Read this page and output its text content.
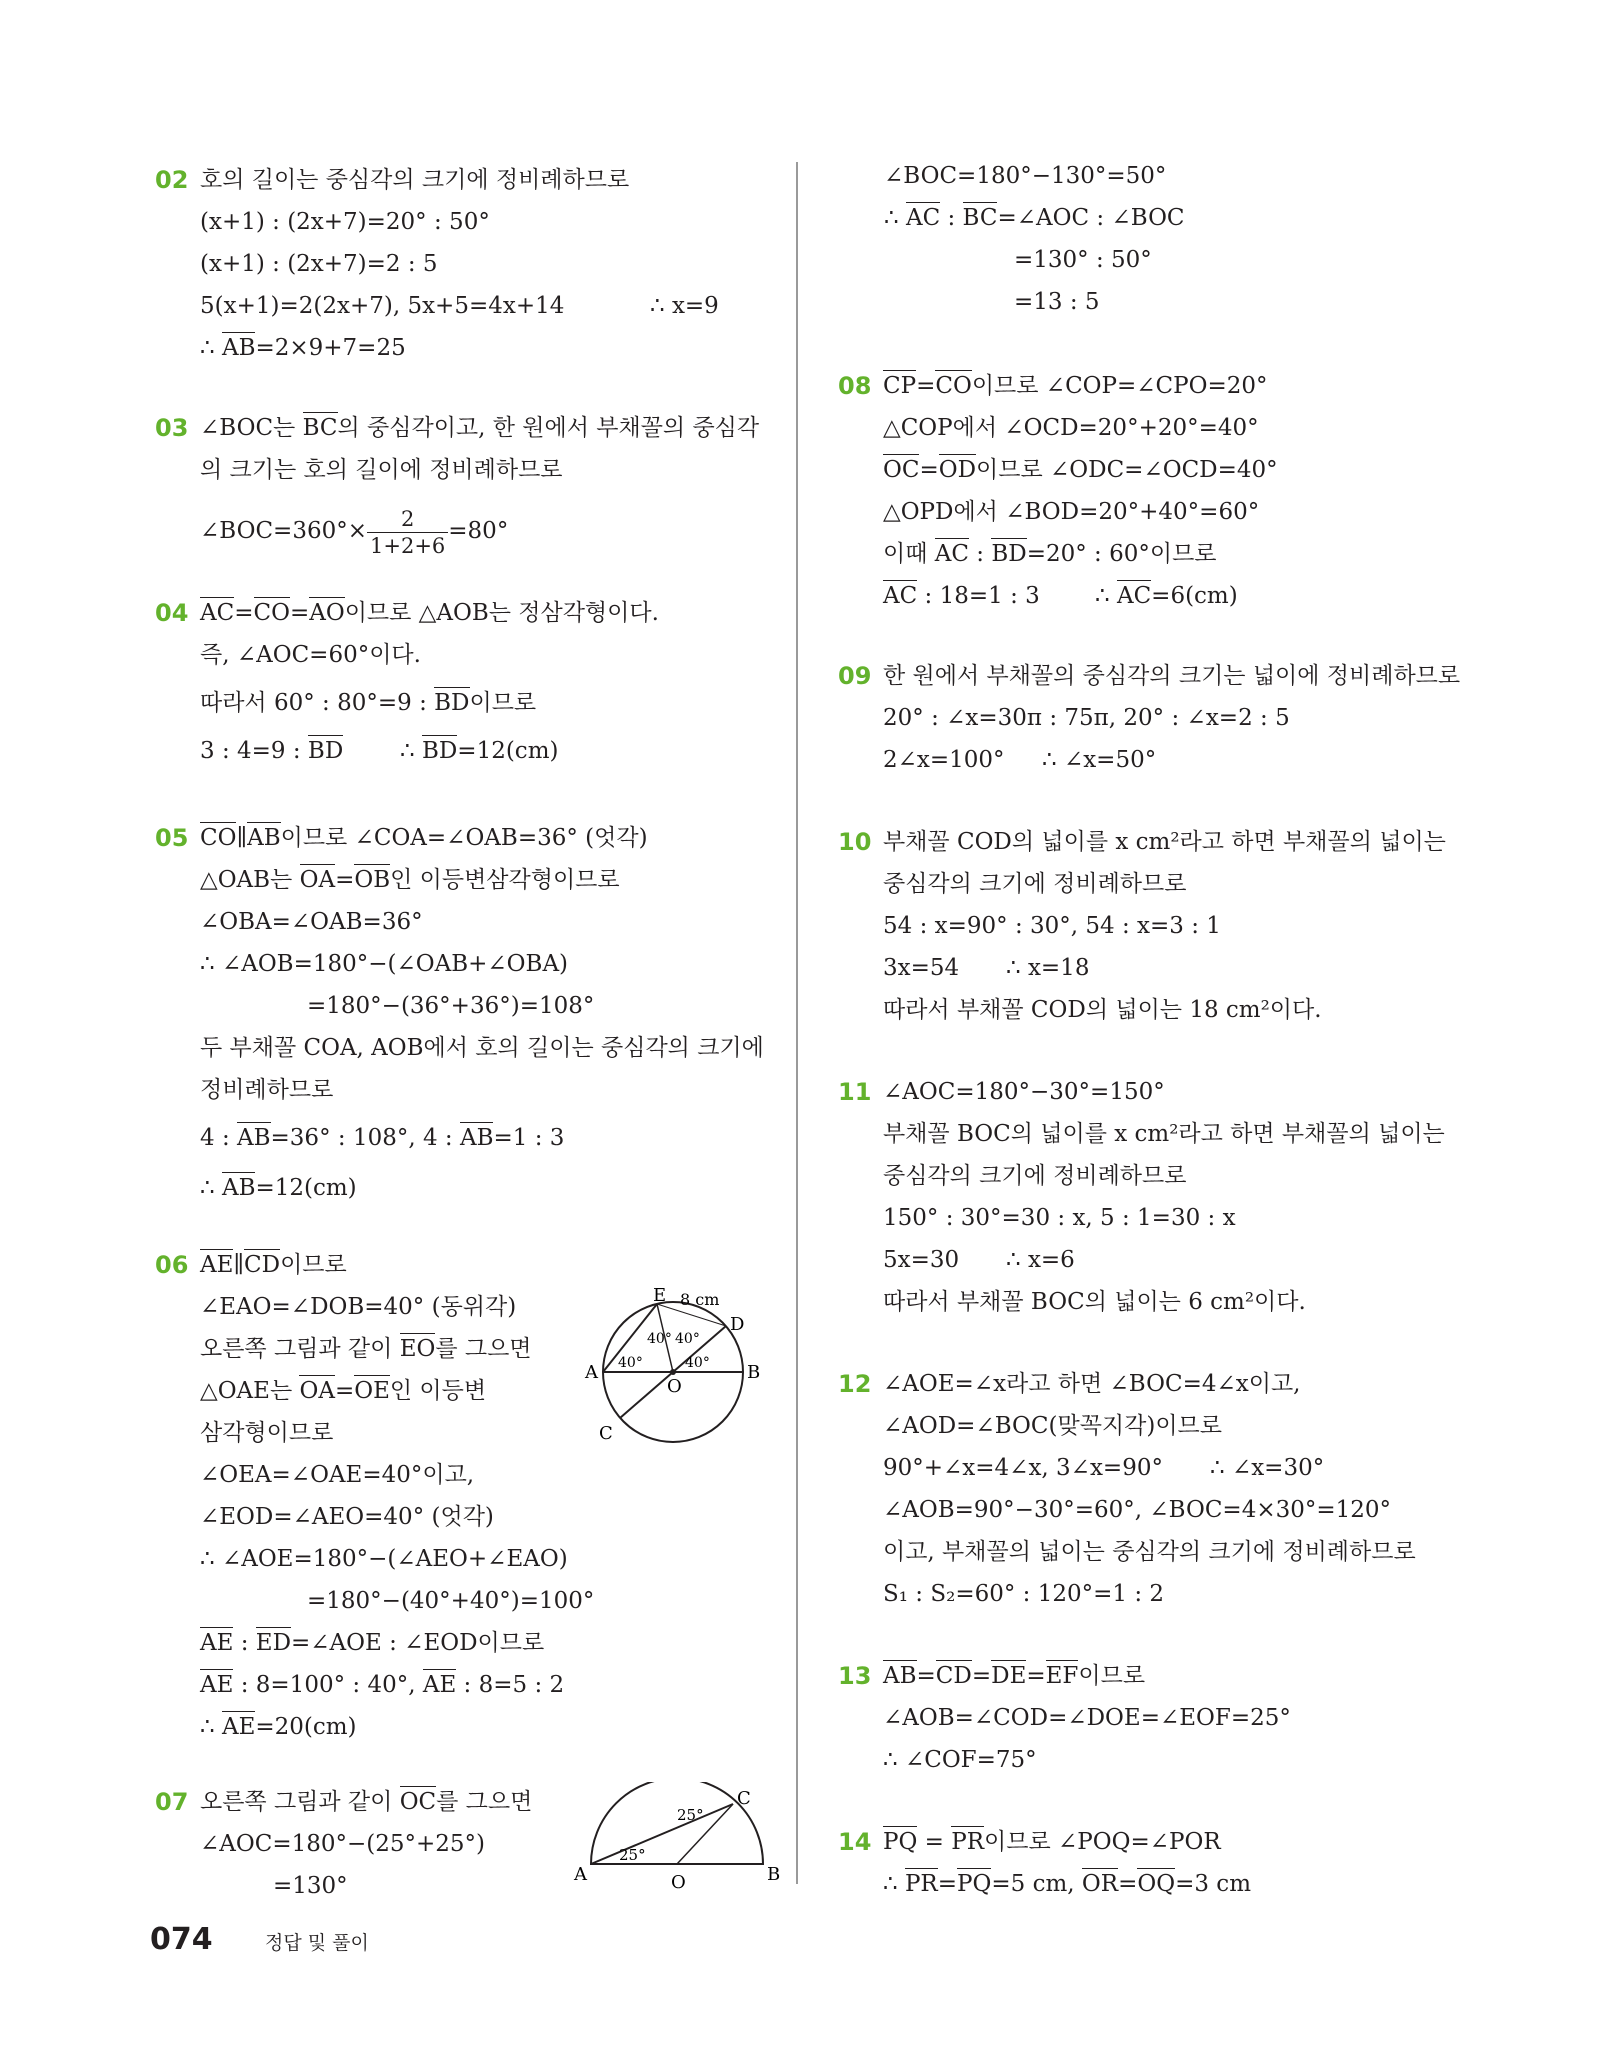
02 호의 길이는 중심각의 크기에 정비례하므로
(x+1) : (2x+7)=20° : 50°
(x+1) : (2x+7)=2 : 5
5(x+1)=2(2x+7), 5x+5=4x+14	∴ x=9
∴ AB=2×9+7=25
03 ∠BOC는 BC의 중심각이고, 한 원에서 부채꼴의 중심각
의 크기는 호의 길이에 정비례하므로
∠BOC=360°× $\frac{2}{1+2+6} =80^\circ$
04 AC=CO=AO이므로 △AOB는 정삼각형이다.
즉, ∠AOC=60°이다.
따라서 60° : 80°=9 : BD이므로
3 : 4=9 : BD ∴ BD=12(cm)
05 CO∥AB이므로 ∠COA=∠OAB=36° (엇각)
△OAB는 OA=OB인 이등변삼각형이므로
∠OBA=∠OAB=36°
∴ ∠AOB=180°−(∠OAB+∠OBA)
=180°−(36°+36°)=108°
두 부채꼴 COA, AOB에서 호의 길이는 중심각의 크기에
정비례하므로
4 : AB=36° : 108°, 4 : AB=1 : 3
∴ AB=12(cm)
06 AE∥CD이므로
∠EAO=∠DOB=40° (동위각)
오른쪽 그림과 같이 EO를 그으면
△OAE는 OA=OE인 이등변
삼각형이므로
∠OEA=∠OAE=40°이고,
∠EOD=∠AEO=40° (엇각)
∴ ∠AOE=180°−(∠AEO+∠EAO)
=180°−(40°+40°)=100°
AE : ED=∠AOE : ∠EOD이므로
AE : 8=100° : 40°, AE : 8=5 : 2
∴ AE=20(cm)
E
D
A	B
C
O
8 cm
40°
40° 40°
40°
07 오른쪽 그림과 같이 OC를 그으면
∠AOC=180°−(25°+25°)
=130°	A	B
C
O
25°
25°
∠BOC=180°−130°=50°
∴ AC : BC=∠AOC : ∠BOC
=130° : 50°
=13 : 5
08 CP=CO이므로 ∠COP=∠CPO=20°
△COP에서 ∠OCD=20°+20°=40°
OC=OD이므로 ∠ODC=∠OCD=40°
△OPD에서 ∠BOD=20°+40°=60°
이때 AC : BD=20° : 60°이므로
AC : 18=1 : 3 ∴ AC=6(cm)
09 한 원에서 부채꼴의 중심각의 크기는 넓이에 정비례하므로
20° : ∠x=30π : 75π, 20° : ∠x=2 : 5
2∠x=100° ∴ ∠x=50°
10 부채꼴 COD의 넓이를 x cm²라고 하면 부채꼴의 넓이는
중심각의 크기에 정비례하므로
54 : x=90° : 30°, 54 : x=3 : 1
3x=54 ∴ x=18
따라서 부채꼴 COD의 넓이는 18 cm²이다.
11 ∠AOC=180°−30°=150°
부채꼴 BOC의 넓이를 x cm²라고 하면 부채꼴의 넓이는
중심각의 크기에 정비례하므로
150° : 30°=30 : x, 5 : 1=30 : x
5x=30 ∴ x=6
따라서 부채꼴 BOC의 넓이는 6 cm²이다.
12 ∠AOE=∠x라고 하면 ∠BOC=4∠x이고,
∠AOD=∠BOC(맞꼭지각)이므로
90°+∠x=4∠x, 3∠x=90° ∴ ∠x=30°
∠AOB=90°−30°=60°, ∠BOC=4×30°=120°
이고, 부채꼴의 넓이는 중심각의 크기에 정비례하므로
S₁ : S₂=60° : 120°=1 : 2
13 AB=CD=DE=EF이므로
∠AOB=∠COD=∠DOE=∠EOF=25°
∴ ∠COF=75°
14 PQ = PR이므로 ∠POQ=∠POR
∴ PR=PQ=5 cm, OR=OQ=3 cm
074	정답 및 풀이
